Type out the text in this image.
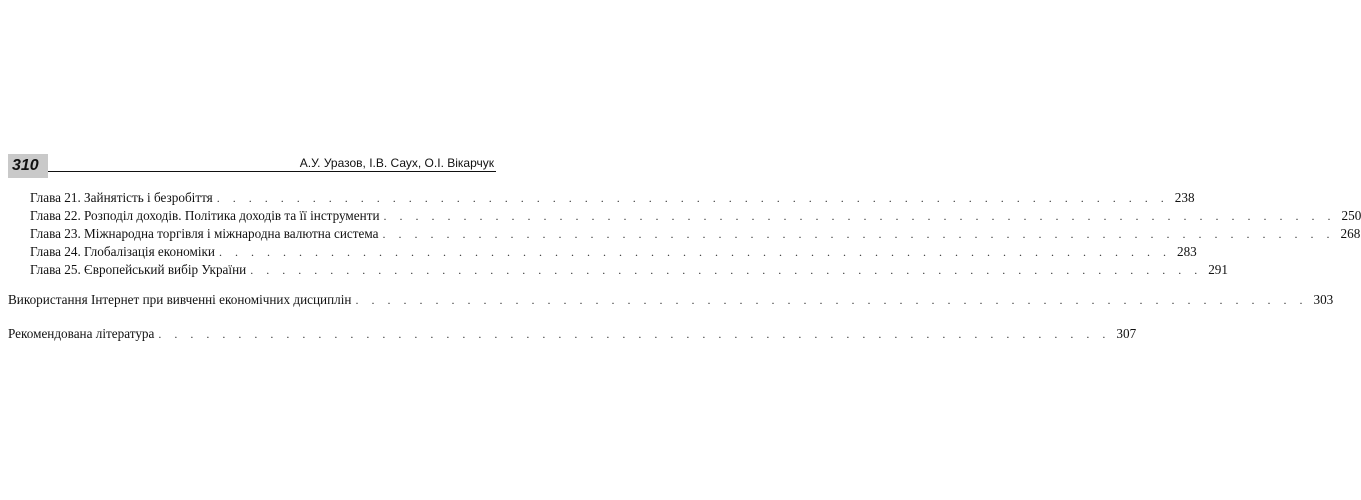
310	А.У. Уразов, І.В. Саух, О.І. Вікарчук
Глава 21. Зайнятість і безробіття . . . . . . . . . . . . . . . . . . . . . . . . . . . . . . . . . . . . . . . . . . . . . . . . . . . . . . . . . . . . 238
Глава 22. Розподіл доходів. Політика доходів та її інструменти . . . . . . . . . . . . . . . . . . . . . . . . . . . . . . . . . . . . . . . . . . . . . . . . . . . . . . . . . . . . 250
Глава 23. Міжнародна торгівля і міжнародна валютна система . . . . . . . . . . . . . . . . . . . . . . . . . . . . . . . . . . . . . . . . . . . . . . . . . . . . . . . . . . . . 268
Глава 24. Глобалізація економіки . . . . . . . . . . . . . . . . . . . . . . . . . . . . . . . . . . . . . . . . . . . . . . . . . . . . . . . . . . . . 283
Глава 25. Європейський вибір України . . . . . . . . . . . . . . . . . . . . . . . . . . . . . . . . . . . . . . . . . . . . . . . . . . . . . . . . . . . . 291
Використання Інтернет при вивченні економічних дисциплін . . . . . . . . . . . . . . . . . . . . . . . . . . . . . . . . . . . . . . . . . . . . . . . . . . . . . . . . . . . . 303
Рекомендована література . . . . . . . . . . . . . . . . . . . . . . . . . . . . . . . . . . . . . . . . . . . . . . . . . . . . . . . . . . . . 307
